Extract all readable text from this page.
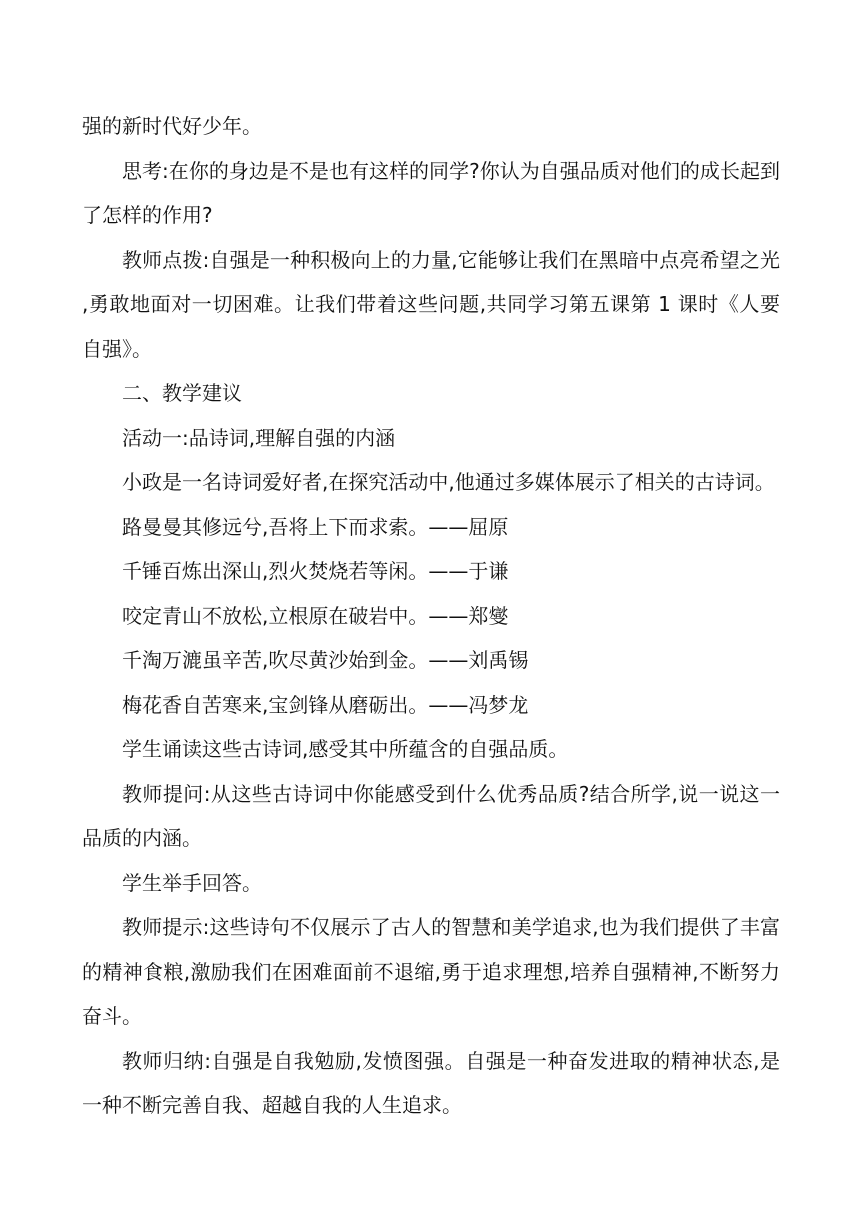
强的新时代好少年。

思考:在你的身边是不是也有这样的同学?你认为自强品质对他们的成长起到了怎样的作用?

教师点拨:自强是一种积极向上的力量,它能够让我们在黑暗中点亮希望之光,勇敢地面对一切困难。让我们带着这些问题,共同学习第五课第 1 课时《人要自强》。

二、教学建议

活动一:品诗词,理解自强的内涵

小政是一名诗词爱好者,在探究活动中,他通过多媒体展示了相关的古诗词。

路曼曼其修远兮,吾将上下而求索。——屈原

千锤百炼出深山,烈火焚烧若等闲。——于谦

咬定青山不放松,立根原在破岩中。——郑燮

千淘万漉虽辛苦,吹尽黄沙始到金。——刘禹锡

梅花香自苦寒来,宝剑锋从磨砺出。——冯梦龙

学生诵读这些古诗词,感受其中所蕴含的自强品质。

教师提问:从这些古诗词中你能感受到什么优秀品质?结合所学,说一说这一品质的内涵。

学生举手回答。

教师提示:这些诗句不仅展示了古人的智慧和美学追求,也为我们提供了丰富的精神食粮,激励我们在困难面前不退缩,勇于追求理想,培养自强精神,不断努力奋斗。

教师归纳:自强是自我勉励,发愤图强。自强是一种奋发进取的精神状态,是一种不断完善自我、超越自我的人生追求。
